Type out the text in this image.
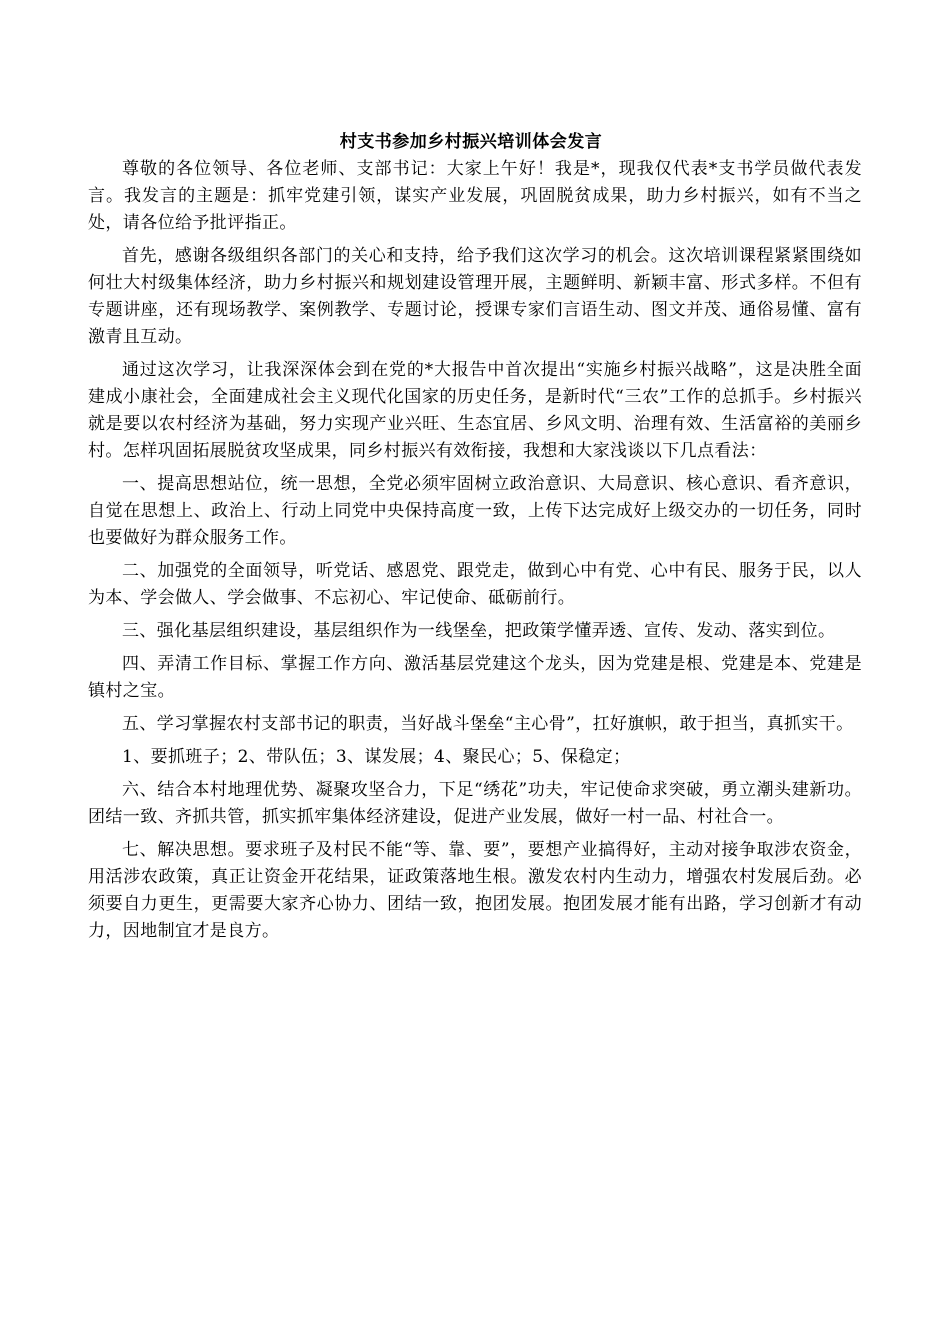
村支书参加乡村振兴培训体会发言

尊敬的各位领导、各位老师、支部书记：大家上午好！我是*，现我仅代表*支书学员做代表发言。我发言的主题是：抓牢党建引领，谋实产业发展，巩固脱贫成果，助力乡村振兴，如有不当之处，请各位给予批评指正。

首先，感谢各级组织各部门的关心和支持，给予我们这次学习的机会。这次培训课程紧紧围绕如何壮大村级集体经济，助力乡村振兴和规划建设管理开展，主题鲜明、新颖丰富、形式多样。不但有专题讲座，还有现场教学、案例教学、专题讨论，授课专家们言语生动、图文并茂、通俗易懂、富有激青且互动。

通过这次学习，让我深深体会到在党的*大报告中首次提出“实施乡村振兴战略”，这是决胜全面建成小康社会，全面建成社会主义现代化国家的历史任务，是新时代“三农”工作的总抓手。乡村振兴就是要以农村经济为基础，努力实现产业兴旺、生态宜居、乡风文明、治理有效、生活富裕的美丽乡村。怎样巩固拓展脱贫攻坚成果，同乡村振兴有效衔接，我想和大家浅谈以下几点看法：

一、提高思想站位，统一思想，全党必须牢固树立政治意识、大局意识、核心意识、看齐意识，自觉在思想上、政治上、行动上同党中央保持高度一致，上传下达完成好上级交办的一切任务，同时也要做好为群众服务工作。

二、加强党的全面领导，听党话、感恩党、跟党走，做到心中有党、心中有民、服务于民，以人为本、学会做人、学会做事、不忘初心、牢记使命、砥砺前行。

三、强化基层组织建设，基层组织作为一线堡垒，把政策学懂弄透、宣传、发动、落实到位。

四、弄清工作目标、掌握工作方向、激活基层党建这个龙头，因为党建是根、党建是本、党建是镇村之宝。

五、学习掌握农村支部书记的职责，当好战斗堡垒“主心骨”，扛好旗帜，敢于担当，真抓实干。

1、要抓班子；2、带队伍；3、谋发展；4、聚民心；5、保稳定；

六、结合本村地理优势、凝聚攻坚合力，下足“绣花”功夫，牢记使命求突破，勇立潮头建新功。团结一致、齐抓共管，抓实抓牢集体经济建设，促进产业发展，做好一村一品、村社合一。

七、解决思想。要求班子及村民不能“等、靠、要”，要想产业搞得好，主动对接争取涉农资金，用活涉农政策，真正让资金开花结果，证政策落地生根。激发农村内生动力，增强农村发展后劲。必须要自力更生，更需要大家齐心协力、团结一致，抱团发展。抱团发展才能有出路，学习创新才有动力，因地制宜才是良方。
